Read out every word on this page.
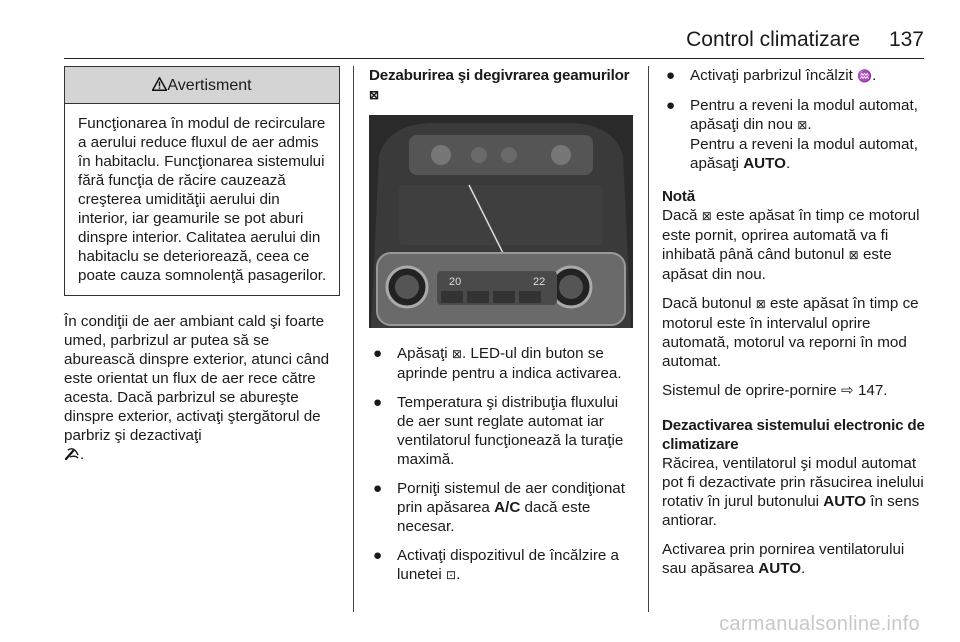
Control climatizare 137
Avertisment
Funcţionarea în modul de recirculare a aerului reduce fluxul de aer admis în habitaclu. Funcţionarea sistemului fără funcţia de răcire cauzează creşterea umidităţii aerului din interior, iar geamurile se pot aburi dinspre interior. Calitatea aerului din habitaclu se deteriorează, ceea ce poate cauza somnolenţă pasagerilor.

În condiţii de aer ambiant cald şi foarte umed, parbrizul ar putea să se aburească dinspre exterior, atunci când este orientat un flux de aer rece către acesta. Dacă parbrizul se abureşte dinspre exterior, activaţi ştergătorul de parbriz şi dezactivaţi
.

Dezaburirea şi degivrarea geamurilor ⊠

20	22
● Apăsaţi ⊠. LED-ul din buton se aprinde pentru a indica activarea.
● Temperatura şi distribuţia fluxului de aer sunt reglate automat iar ventilatorul funcţionează la turaţie maximă.
● Porniţi sistemul de aer condiţionat prin apăsarea A/C dacă este necesar.
● Activaţi dispozitivul de încălzire a lunetei ⊡.
● Activaţi parbrizul încălzit ♒.
● Pentru a reveni la modul automat, apăsaţi din nou ⊠.
Pentru a reveni la modul automat, apăsaţi AUTO.

Notă

Dacă ⊠ este apăsat în timp ce motorul este pornit, oprirea automată va fi inhibată până când butonul ⊠ este apăsat din nou.

Dacă butonul ⊠ este apăsat în timp ce motorul este în intervalul oprire automată, motorul va reporni în mod automat.

Sistemul de oprire-pornire ⇨ 147.

Dezactivarea sistemului electronic de climatizare

Răcirea, ventilatorul şi modul automat pot fi dezactivate prin răsucirea inelului rotativ în jurul butonului AUTO în sens antiorar.

Activarea prin pornirea ventilatorului sau apăsarea AUTO.

carmanualsonline.info
